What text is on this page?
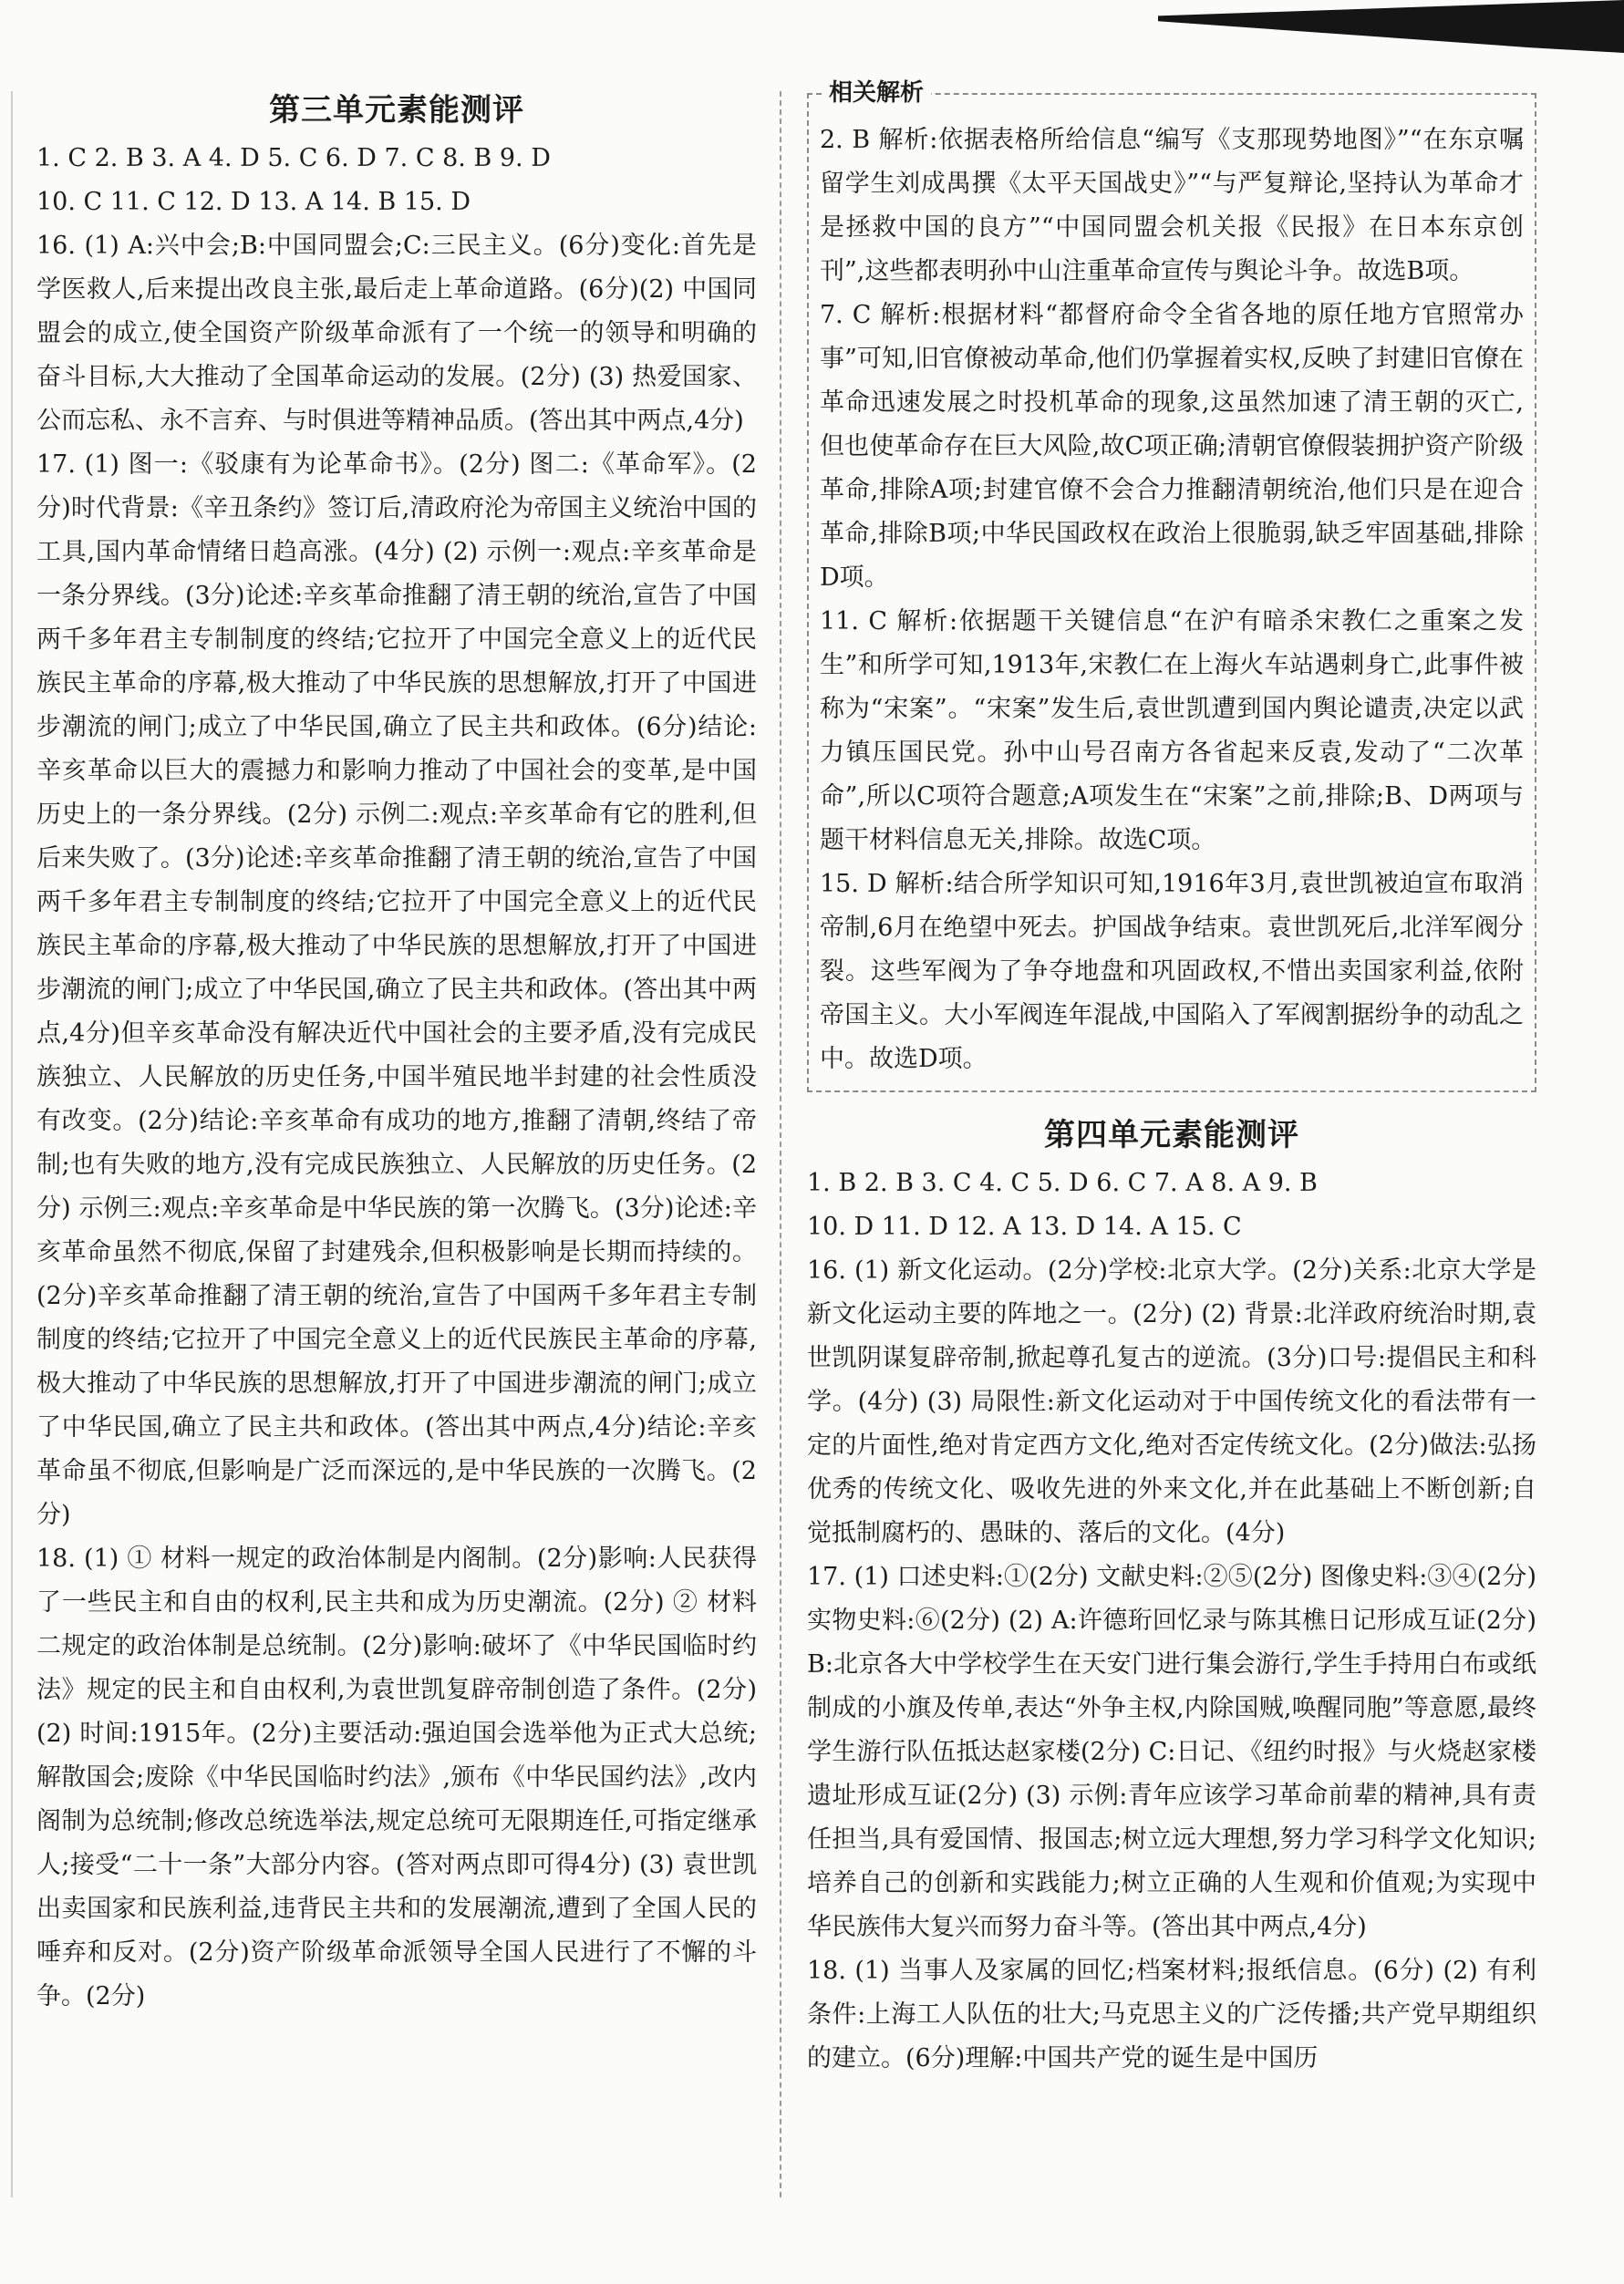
第三单元素能测评

1. C 2. B 3. A 4. D 5. C 6. D 7. C 8. B 9. D

10. C 11. C 12. D 13. A 14. B 15. D

16. (1) A:兴中会;B:中国同盟会;C:三民主义。(6分)变化:首先是学医救人,后来提出改良主张,最后走上革命道路。(6分)(2) 中国同盟会的成立,使全国资产阶级革命派有了一个统一的领导和明确的奋斗目标,大大推动了全国革命运动的发展。(2分) (3) 热爱国家、公而忘私、永不言弃、与时俱进等精神品质。(答出其中两点,4分)

17. (1) 图一:《驳康有为论革命书》。(2分) 图二:《革命军》。(2分)时代背景:《辛丑条约》签订后,清政府沦为帝国主义统治中国的工具,国内革命情绪日趋高涨。(4分) (2) 示例一:观点:辛亥革命是一条分界线。(3分)论述:辛亥革命推翻了清王朝的统治,宣告了中国两千多年君主专制制度的终结;它拉开了中国完全意义上的近代民族民主革命的序幕,极大推动了中华民族的思想解放,打开了中国进步潮流的闸门;成立了中华民国,确立了民主共和政体。(6分)结论:辛亥革命以巨大的震撼力和影响力推动了中国社会的变革,是中国历史上的一条分界线。(2分) 示例二:观点:辛亥革命有它的胜利,但后来失败了。(3分)论述:辛亥革命推翻了清王朝的统治,宣告了中国两千多年君主专制制度的终结;它拉开了中国完全意义上的近代民族民主革命的序幕,极大推动了中华民族的思想解放,打开了中国进步潮流的闸门;成立了中华民国,确立了民主共和政体。(答出其中两点,4分)但辛亥革命没有解决近代中国社会的主要矛盾,没有完成民族独立、人民解放的历史任务,中国半殖民地半封建的社会性质没有改变。(2分)结论:辛亥革命有成功的地方,推翻了清朝,终结了帝制;也有失败的地方,没有完成民族独立、人民解放的历史任务。(2分) 示例三:观点:辛亥革命是中华民族的第一次腾飞。(3分)论述:辛亥革命虽然不彻底,保留了封建残余,但积极影响是长期而持续的。(2分)辛亥革命推翻了清王朝的统治,宣告了中国两千多年君主专制制度的终结;它拉开了中国完全意义上的近代民族民主革命的序幕,极大推动了中华民族的思想解放,打开了中国进步潮流的闸门;成立了中华民国,确立了民主共和政体。(答出其中两点,4分)结论:辛亥革命虽不彻底,但影响是广泛而深远的,是中华民族的一次腾飞。(2分)

18. (1) ① 材料一规定的政治体制是内阁制。(2分)影响:人民获得了一些民主和自由的权利,民主共和成为历史潮流。(2分) ② 材料二规定的政治体制是总统制。(2分)影响:破坏了《中华民国临时约法》规定的民主和自由权利,为袁世凯复辟帝制创造了条件。(2分) (2) 时间:1915年。(2分)主要活动:强迫国会选举他为正式大总统;解散国会;废除《中华民国临时约法》,颁布《中华民国约法》,改内阁制为总统制;修改总统选举法,规定总统可无限期连任,可指定继承人;接受“二十一条”大部分内容。(答对两点即可得4分) (3) 袁世凯出卖国家和民族利益,违背民主共和的发展潮流,遭到了全国人民的唾弃和反对。(2分)资产阶级革命派领导全国人民进行了不懈的斗争。(2分)

相关解析

2. B 解析:依据表格所给信息“编写《支那现势地图》”“在东京嘱留学生刘成禺撰《太平天国战史》”“与严复辩论,坚持认为革命才是拯救中国的良方”“中国同盟会机关报《民报》在日本东京创刊”,这些都表明孙中山注重革命宣传与舆论斗争。故选B项。

7. C 解析:根据材料“都督府命令全省各地的原任地方官照常办事”可知,旧官僚被动革命,他们仍掌握着实权,反映了封建旧官僚在革命迅速发展之时投机革命的现象,这虽然加速了清王朝的灭亡,但也使革命存在巨大风险,故C项正确;清朝官僚假装拥护资产阶级革命,排除A项;封建官僚不会合力推翻清朝统治,他们只是在迎合革命,排除B项;中华民国政权在政治上很脆弱,缺乏牢固基础,排除D项。

11. C 解析:依据题干关键信息“在沪有暗杀宋教仁之重案之发生”和所学可知,1913年,宋教仁在上海火车站遇刺身亡,此事件被称为“宋案”。“宋案”发生后,袁世凯遭到国内舆论谴责,决定以武力镇压国民党。孙中山号召南方各省起来反袁,发动了“二次革命”,所以C项符合题意;A项发生在“宋案”之前,排除;B、D两项与题干材料信息无关,排除。故选C项。

15. D 解析:结合所学知识可知,1916年3月,袁世凯被迫宣布取消帝制,6月在绝望中死去。护国战争结束。袁世凯死后,北洋军阀分裂。这些军阀为了争夺地盘和巩固政权,不惜出卖国家利益,依附帝国主义。大小军阀连年混战,中国陷入了军阀割据纷争的动乱之中。故选D项。

第四单元素能测评

1. B 2. B 3. C 4. C 5. D 6. C 7. A 8. A 9. B

10. D 11. D 12. A 13. D 14. A 15. C

16. (1) 新文化运动。(2分)学校:北京大学。(2分)关系:北京大学是新文化运动主要的阵地之一。(2分) (2) 背景:北洋政府统治时期,袁世凯阴谋复辟帝制,掀起尊孔复古的逆流。(3分)口号:提倡民主和科学。(4分) (3) 局限性:新文化运动对于中国传统文化的看法带有一定的片面性,绝对肯定西方文化,绝对否定传统文化。(2分)做法:弘扬优秀的传统文化、吸收先进的外来文化,并在此基础上不断创新;自觉抵制腐朽的、愚昧的、落后的文化。(4分)

17. (1) 口述史料:①(2分) 文献史料:②⑤(2分) 图像史料:③④(2分) 实物史料:⑥(2分) (2) A:许德珩回忆录与陈其樵日记形成互证(2分) B:北京各大中学校学生在天安门进行集会游行,学生手持用白布或纸制成的小旗及传单,表达“外争主权,内除国贼,唤醒同胞”等意愿,最终学生游行队伍抵达赵家楼(2分) C:日记、《纽约时报》与火烧赵家楼遗址形成互证(2分) (3) 示例:青年应该学习革命前辈的精神,具有责任担当,具有爱国情、报国志;树立远大理想,努力学习科学文化知识;培养自己的创新和实践能力;树立正确的人生观和价值观;为实现中华民族伟大复兴而努力奋斗等。(答出其中两点,4分)

18. (1) 当事人及家属的回忆;档案材料;报纸信息。(6分) (2) 有利条件:上海工人队伍的壮大;马克思主义的广泛传播;共产党早期组织的建立。(6分)理解:中国共产党的诞生是中国历
